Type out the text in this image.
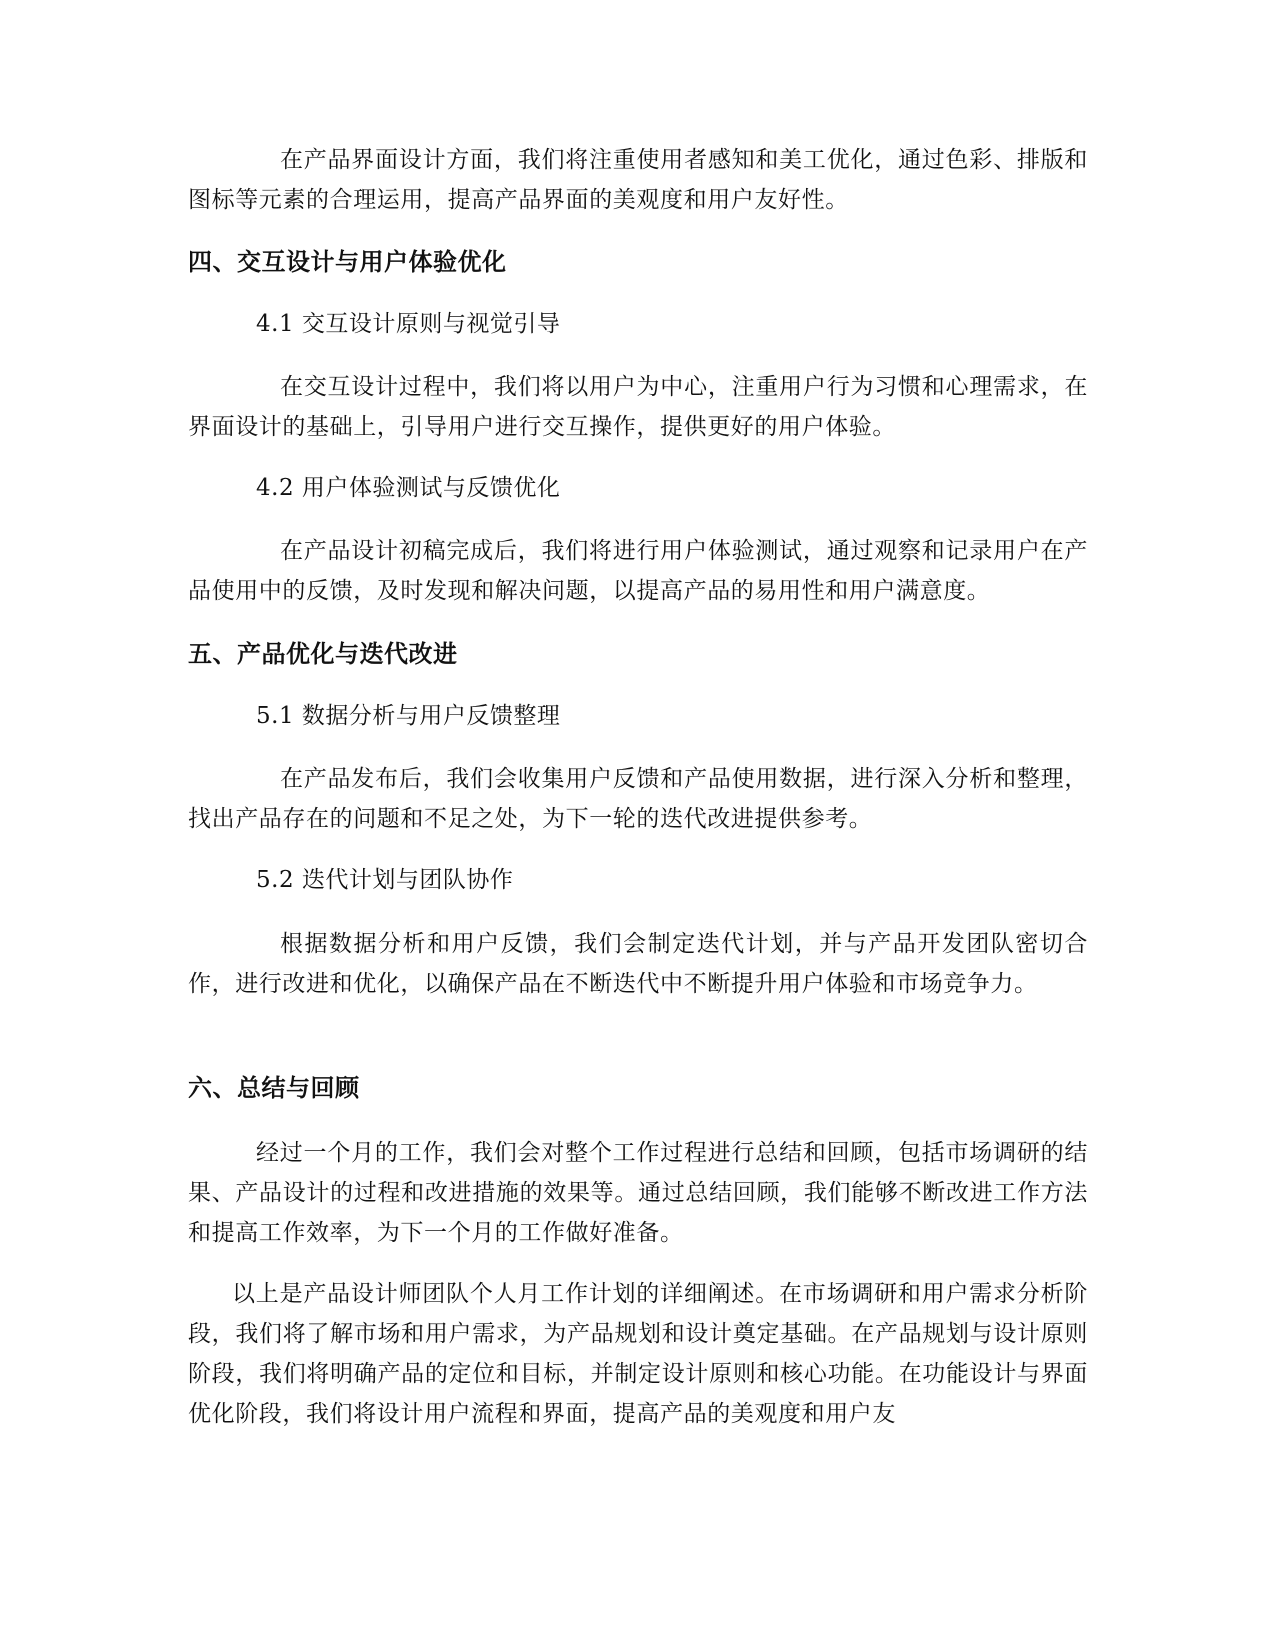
在产品界面设计方面，我们将注重使用者感知和美工优化，通过色彩、排版和图标等元素的合理运用，提高产品界面的美观度和用户友好性。

四、交互设计与用户体验优化
4.1 交互设计原则与视觉引导

在交互设计过程中，我们将以用户为中心，注重用户行为习惯和心理需求，在界面设计的基础上，引导用户进行交互操作，提供更好的用户体验。

4.2 用户体验测试与反馈优化

在产品设计初稿完成后，我们将进行用户体验测试，通过观察和记录用户在产品使用中的反馈，及时发现和解决问题，以提高产品的易用性和用户满意度。

五、产品优化与迭代改进
5.1 数据分析与用户反馈整理

在产品发布后，我们会收集用户反馈和产品使用数据，进行深入分析和整理，找出产品存在的问题和不足之处，为下一轮的迭代改进提供参考。

5.2 迭代计划与团队协作

根据数据分析和用户反馈，我们会制定迭代计划，并与产品开发团队密切合作，进行改进和优化，以确保产品在不断迭代中不断提升用户体验和市场竞争力。

六、总结与回顾

经过一个月的工作，我们会对整个工作过程进行总结和回顾，包括市场调研的结果、产品设计的过程和改进措施的效果等。通过总结回顾，我们能够不断改进工作方法和提高工作效率，为下一个月的工作做好准备。

以上是产品设计师团队个人月工作计划的详细阐述。在市场调研和用户需求分析阶段，我们将了解市场和用户需求，为产品规划和设计奠定基础。在产品规划与设计原则阶段，我们将明确产品的定位和目标，并制定设计原则和核心功能。在功能设计与界面优化阶段，我们将设计用户流程和界面，提高产品的美观度和用户友
